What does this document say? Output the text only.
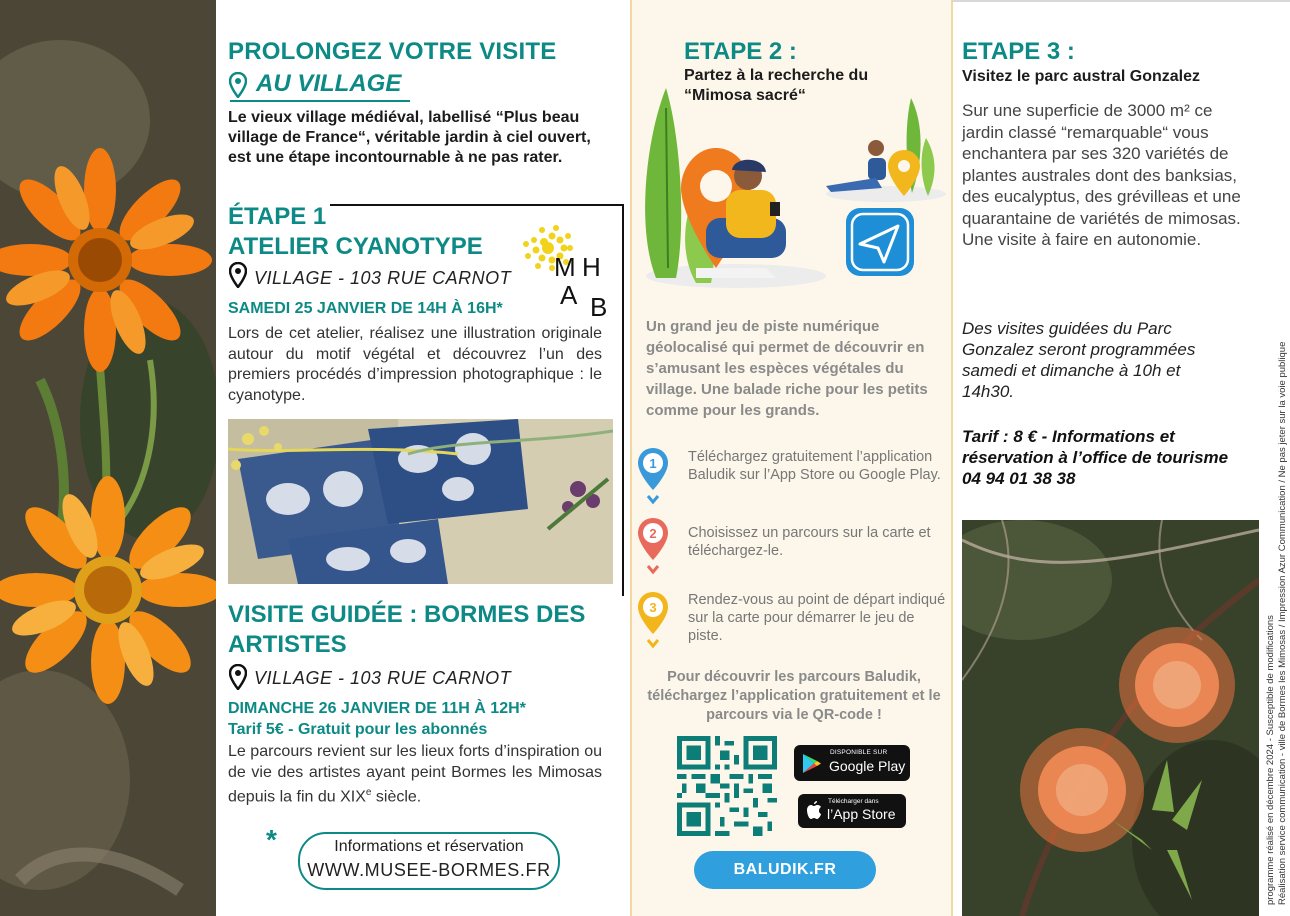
PROLONGEZ VOTRE VISITE
AU VILLAGE
Le vieux village médiéval, labellisé “Plus beau village de France“, véritable jardin à ciel ouvert, est une étape incontournable à ne pas rater.
ÉTAPE 1
ATELIER CYANOTYPE
M H
A B
VILLAGE - 103 RUE CARNOT
SAMEDI 25 JANVIER DE 14H À 16H*
Lors de cet atelier, réalisez une illustration originale autour du motif végétal et découvrez l’un des premiers procédés d’impression photographique : le cyanotype.
VISITE GUIDÉE : BORMES DES ARTISTES
VILLAGE - 103 RUE CARNOT
DIMANCHE 26 JANVIER DE 11H À 12H*
Tarif 5€ - Gratuit pour les abonnés
Le parcours revient sur les lieux forts d’inspiration ou de vie des artistes ayant peint Bormes les Mimosas depuis la fin du XIXe siècle.
*	Informations et réservation
WWW.MUSEE-BORMES.FR
ETAPE 2 :
Partez à la recherche du “Mimosa sacré“
Un grand jeu de piste numérique géolocalisé qui permet de découvrir en s’amusant les espèces végétales du village. Une balade riche pour les petits comme pour les grands.
1 Téléchargez gratuitement l’application Baludik sur l’App Store ou Google Play.
2 Choisissez un parcours sur la carte et téléchargez-le.
3 Rendez-vous au point de départ indiqué sur la carte pour démarrer le jeu de piste.
Pour découvrir les parcours Baludik, téléchargez l’application gratuitement et le parcours via le QR-code !
DISPONIBLE SUR
Google Play
Télécharger dans
l’App Store
BALUDIK.FR
ETAPE 3 :
Visitez le parc austral Gonzalez
Sur une superficie de 3000 m² ce jardin classé “remarquable“ vous enchantera par ses 320 variétés de plantes australes dont des banksias, des eucalyptus, des grévilleas et une quarantaine de variétés de mimosas. Une visite à faire en autonomie.
Des visites guidées du Parc Gonzalez seront programmées samedi et dimanche à 10h et 14h30.
Tarif : 8 € - Informations et réservation à l’office de tourisme 04 94 01 38 38
programme réalisé en décembre 2024 - Susceptible de modifications Réalisation service communication - ville de Bormes les Mimosas / Impression Azur Communication / Ne pas jeter sur la voie publique
